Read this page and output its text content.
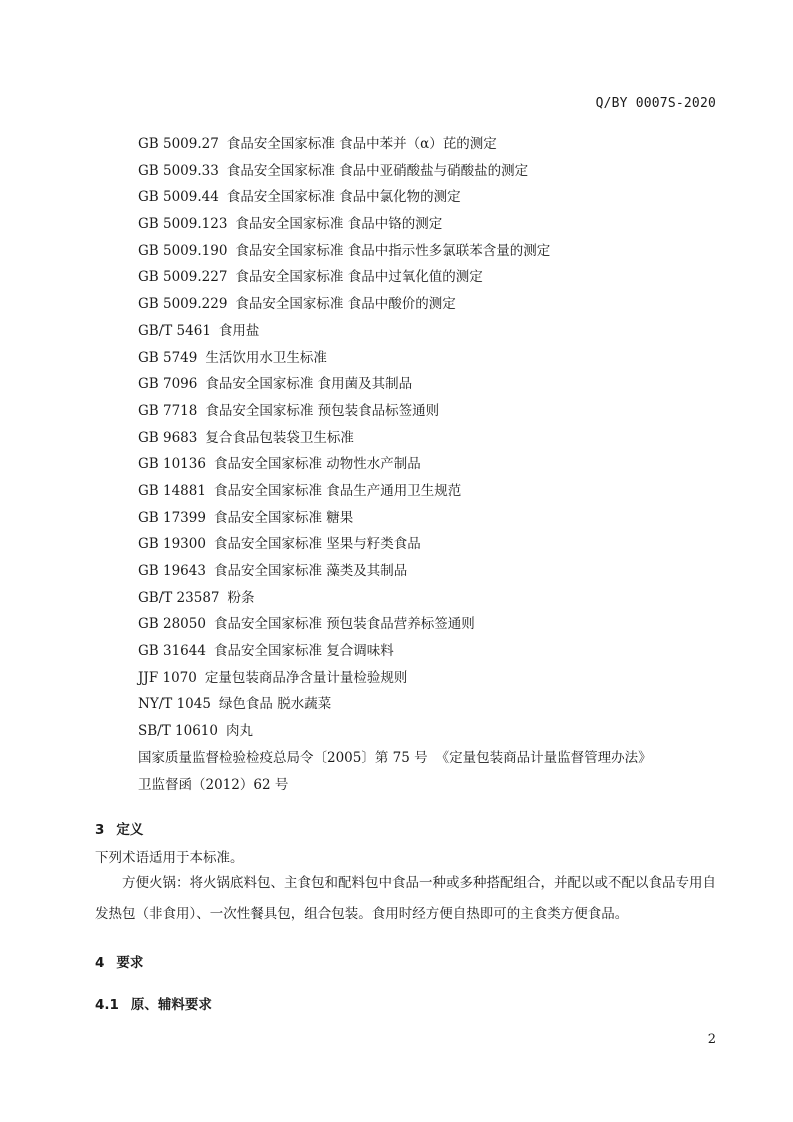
Q/BY 0007S-2020
GB 5009.27 食品安全国家标准 食品中苯并（α）芘的测定
GB 5009.33 食品安全国家标准 食品中亚硝酸盐与硝酸盐的测定
GB 5009.44 食品安全国家标准 食品中氯化物的测定
GB 5009.123 食品安全国家标准 食品中铬的测定
GB 5009.190 食品安全国家标准 食品中指示性多氯联苯含量的测定
GB 5009.227 食品安全国家标准 食品中过氧化值的测定
GB 5009.229 食品安全国家标准 食品中酸价的测定
GB/T 5461 食用盐
GB 5749 生活饮用水卫生标准
GB 7096 食品安全国家标准 食用菌及其制品
GB 7718 食品安全国家标准 预包装食品标签通则
GB 9683 复合食品包装袋卫生标准
GB 10136 食品安全国家标准 动物性水产制品
GB 14881 食品安全国家标准 食品生产通用卫生规范
GB 17399 食品安全国家标准 糖果
GB 19300 食品安全国家标准 坚果与籽类食品
GB 19643 食品安全国家标准 藻类及其制品
GB/T 23587 粉条
GB 28050 食品安全国家标准 预包装食品营养标签通则
GB 31644 食品安全国家标准 复合调味料
JJF 1070 定量包装商品净含量计量检验规则
NY/T 1045 绿色食品 脱水蔬菜
SB/T 10610 肉丸
国家质量监督检验检疫总局令〔2005〕第 75 号 《定量包装商品计量监督管理办法》
卫监督函（2012）62 号
3 定义
下列术语适用于本标准。
方便火锅：将火锅底料包、主食包和配料包中食品一种或多种搭配组合，并配以或不配以食品专用自发热包（非食用）、一次性餐具包，组合包装。食用时经方便自热即可的主食类方便食品。
4 要求
4.1 原、辅料要求
2
